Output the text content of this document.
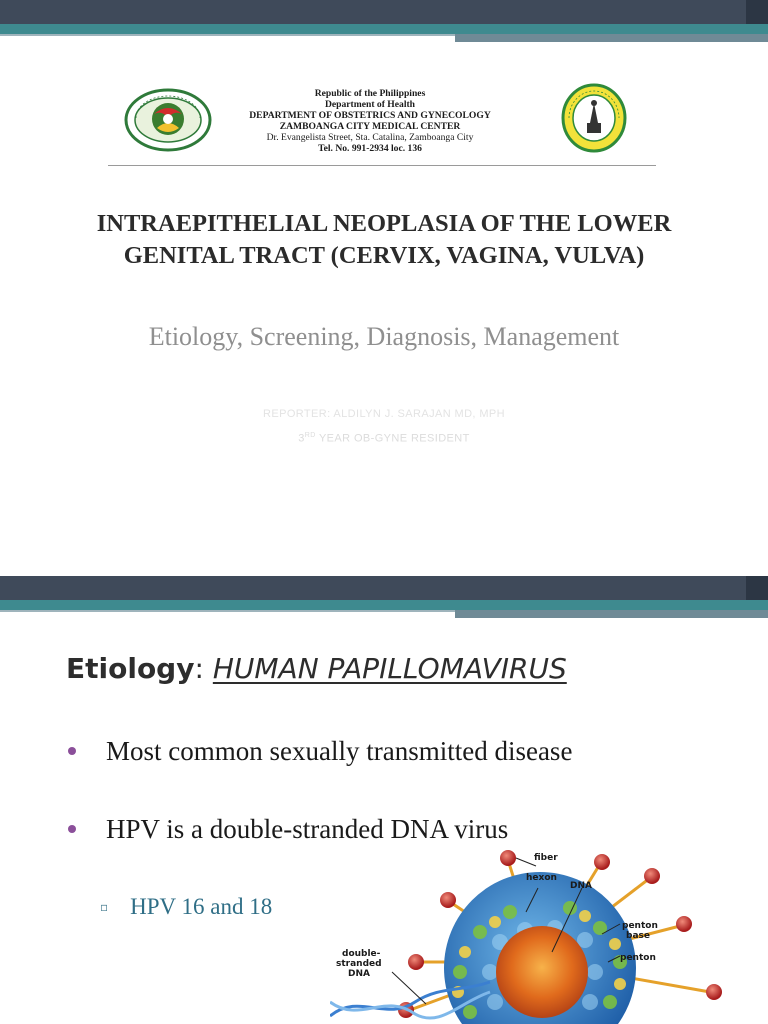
Republic of the Philippines
Department of Health
DEPARTMENT OF OBSTETRICS AND GYNECOLOGY
ZAMBOANGA CITY MEDICAL CENTER
Dr. Evangelista Street, Sta. Catalina, Zamboanga City
Tel. No. 991-2934 loc. 136
INTRAEPITHELIAL NEOPLASIA OF THE LOWER
GENITAL TRACT (CERVIX, VAGINA, VULVA)
Etiology, Screening, Diagnosis, Management
REPORTER: ALDILYN J. SARAJAN MD, MPH
3RD YEAR OB-GYNE RESIDENT
Etiology: HUMAN PAPILLOMAVIRUS
Most common sexually transmitted disease
HPV is a double-stranded DNA virus
▫ HPV 16 and 18
fiber
hexon
DNA
penton
base
penton
double-
stranded
DNA
